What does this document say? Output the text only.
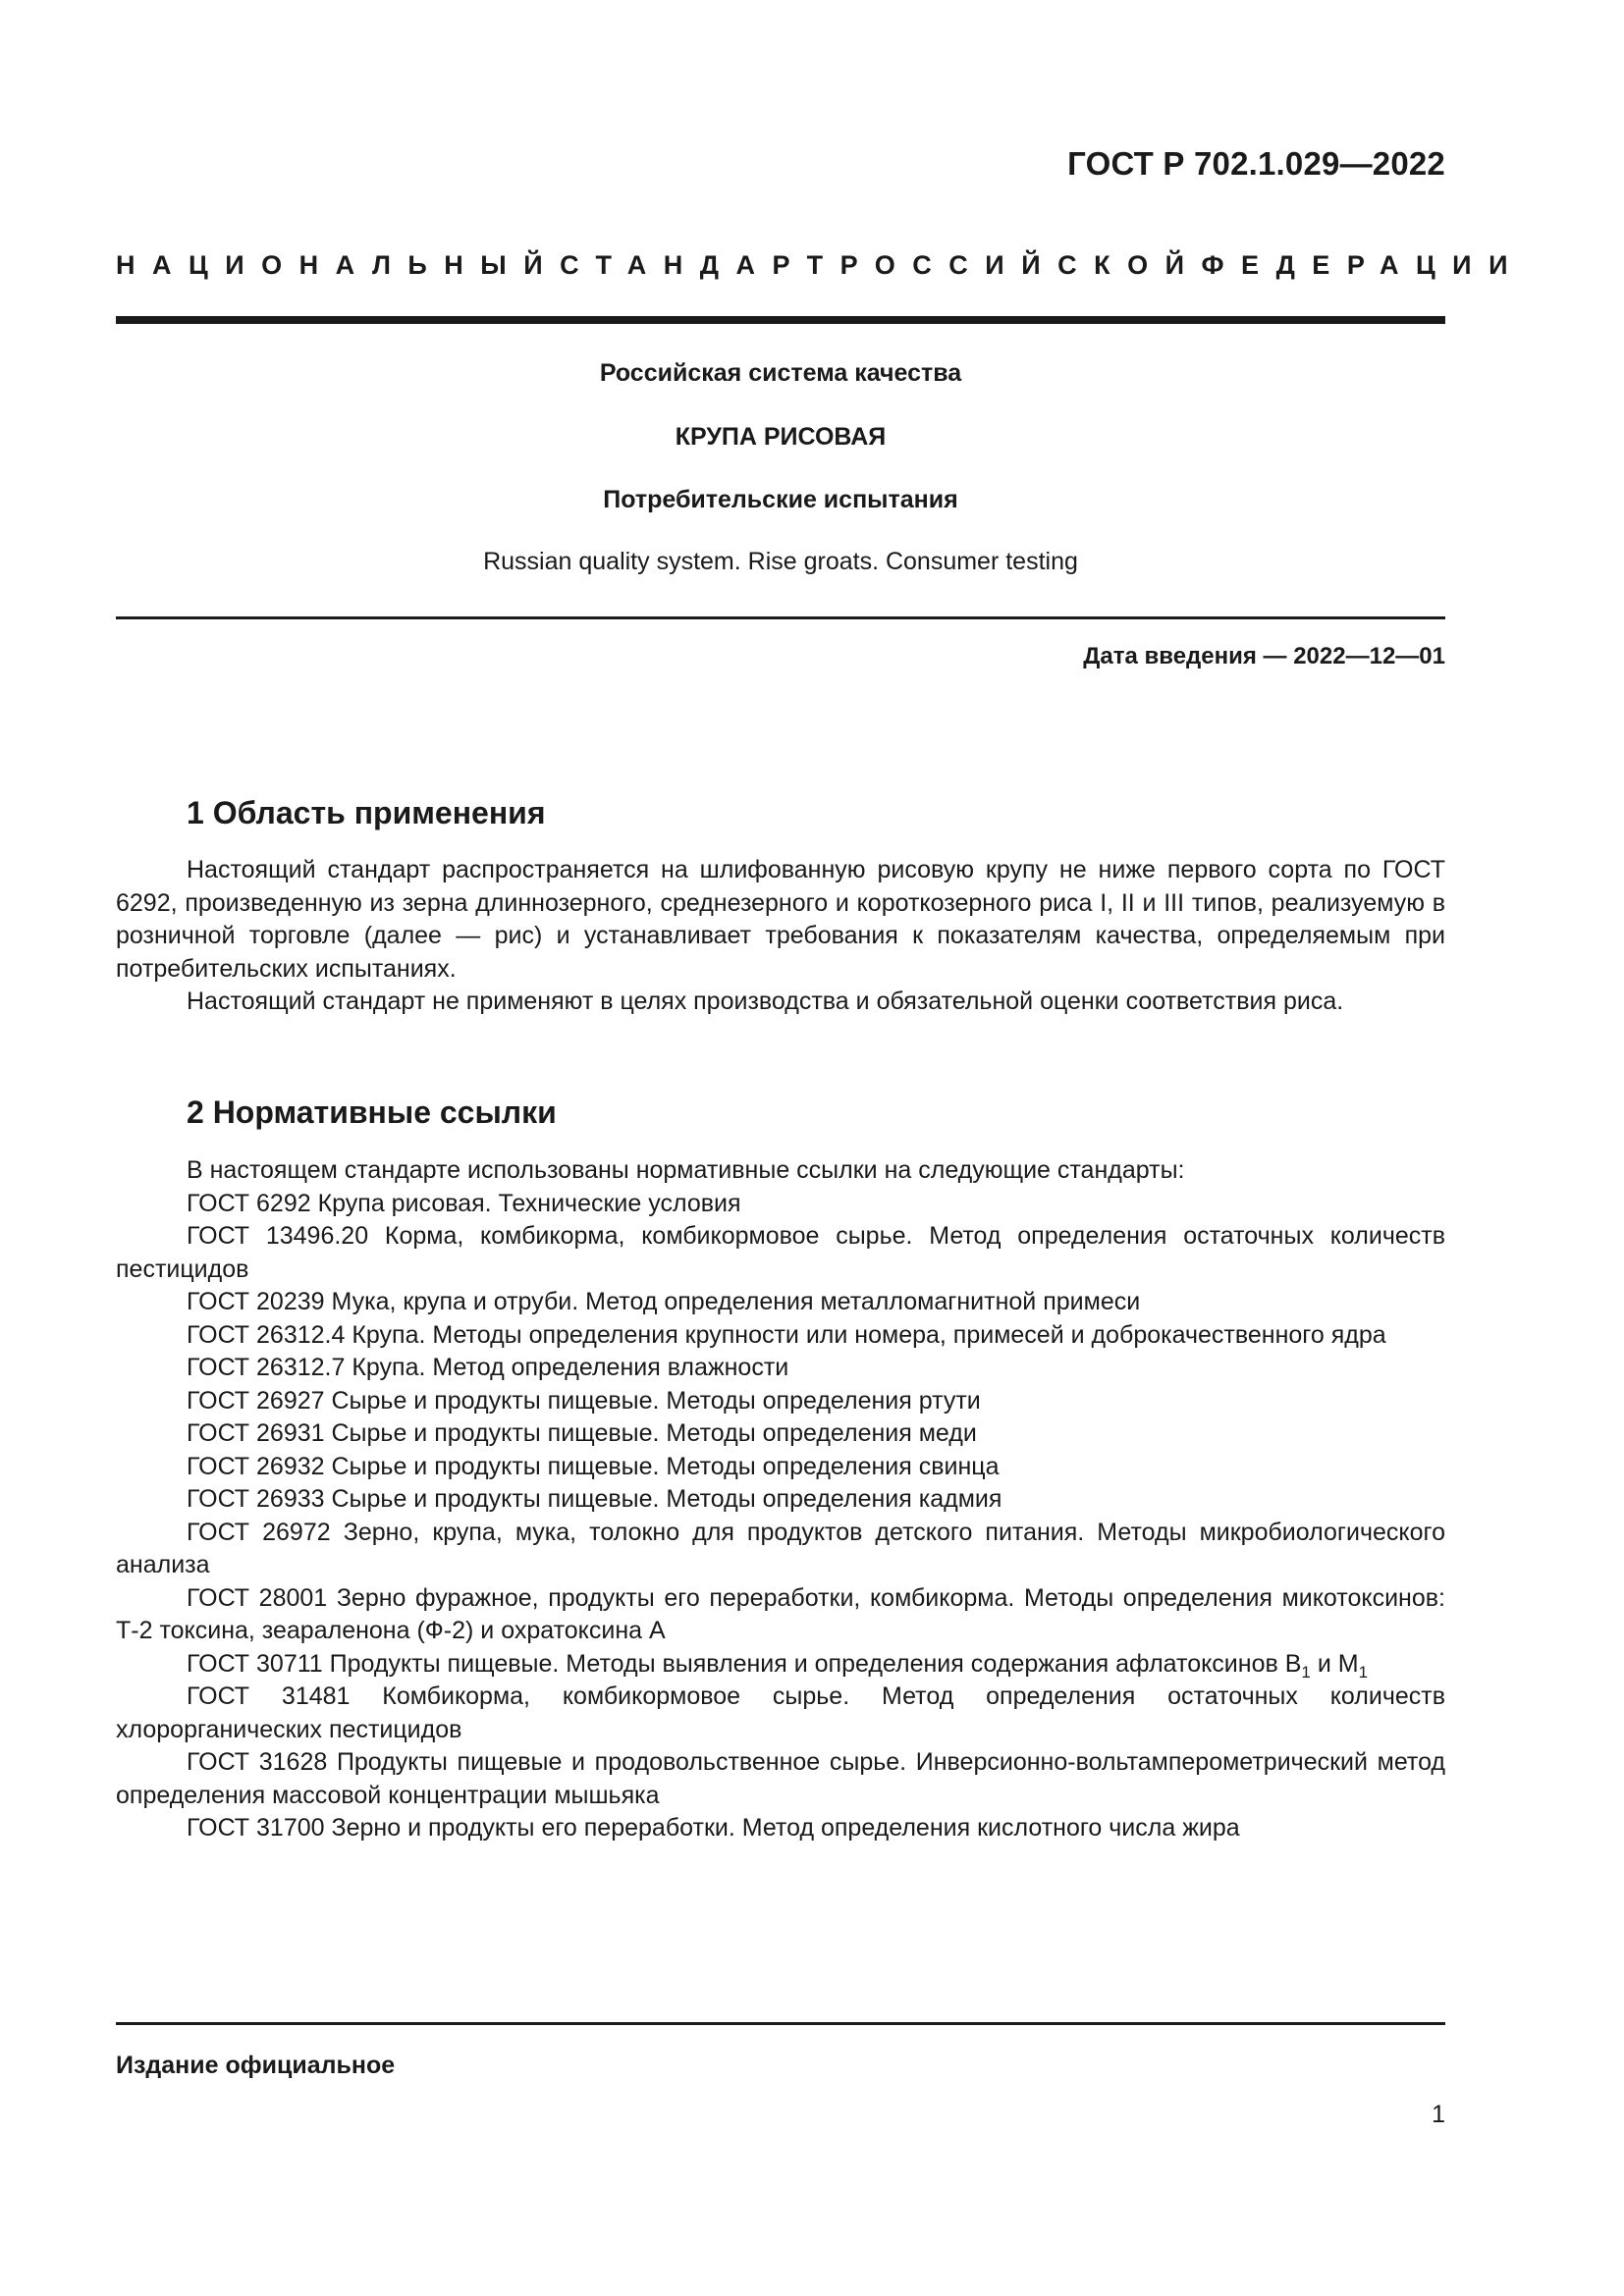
ГОСТ Р 702.1.029—2022
НАЦИОНАЛЬНЫЙ СТАНДАРТ РОССИЙСКОЙ ФЕДЕРАЦИИ
Российская система качества
КРУПА РИСОВАЯ
Потребительские испытания
Russian quality system. Rise groats. Consumer testing
Дата введения — 2022—12—01
1 Область применения

Настоящий стандарт распространяется на шлифованную рисовую крупу не ниже первого сорта по ГОСТ 6292, произведенную из зерна длиннозерного, среднезерного и короткозерного риса I, II и III типов, реализуемую в розничной торговле (далее — рис) и устанавливает требования к показателям качества, определяемым при потребительских испытаниях.

Настоящий стандарт не применяют в целях производства и обязательной оценки соответствия риса.

2 Нормативные ссылки

В настоящем стандарте использованы нормативные ссылки на следующие стандарты:

ГОСТ 6292 Крупа рисовая. Технические условия

ГОСТ 13496.20 Корма, комбикорма, комбикормовое сырье. Метод определения остаточных количеств пестицидов

ГОСТ 20239 Мука, крупа и отруби. Метод определения металломагнитной примеси

ГОСТ 26312.4 Крупа. Методы определения крупности или номера, примесей и доброкачественного ядра

ГОСТ 26312.7 Крупа. Метод определения влажности

ГОСТ 26927 Сырье и продукты пищевые. Методы определения ртути

ГОСТ 26931 Сырье и продукты пищевые. Методы определения меди

ГОСТ 26932 Сырье и продукты пищевые. Методы определения свинца

ГОСТ 26933 Сырье и продукты пищевые. Методы определения кадмия

ГОСТ 26972 Зерно, крупа, мука, толокно для продуктов детского питания. Методы микробиологического анализа

ГОСТ 28001 Зерно фуражное, продукты его переработки, комбикорма. Методы определения микотоксинов: Т-2 токсина, зеараленона (Ф-2) и охратоксина А

ГОСТ 30711 Продукты пищевые. Методы выявления и определения содержания афлатоксинов $В_1$ и $М_1$

ГОСТ 31481 Комбикорма, комбикормовое сырье. Метод определения остаточных количеств хлорорганических пестицидов

ГОСТ 31628 Продукты пищевые и продовольственное сырье. Инверсионно-вольтамперометрический метод определения массовой концентрации мышьяка

ГОСТ 31700 Зерно и продукты его переработки. Метод определения кислотного числа жира

Издание официальное
1
